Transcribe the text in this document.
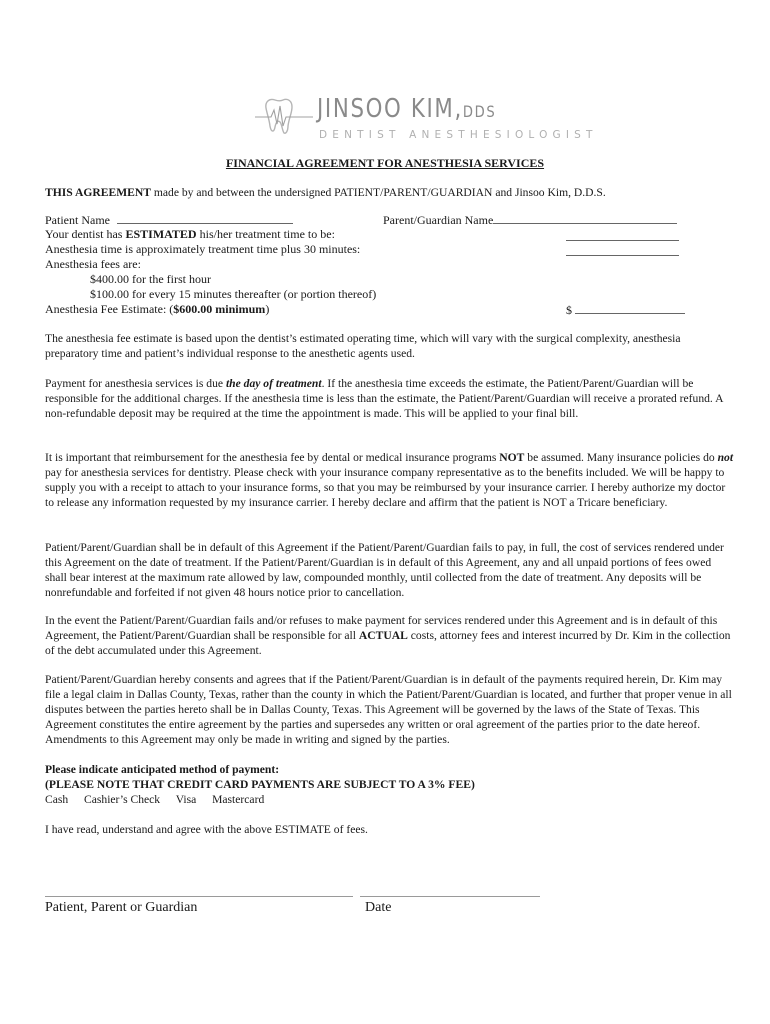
JINSOO KIM,DDS
DENTIST ANESTHESIOLOGIST
FINANCIAL AGREEMENT FOR ANESTHESIA SERVICES
THIS AGREEMENT made by and between the undersigned PATIENT/PARENT/GUARDIAN and Jinsoo Kim, D.D.S.
Patient Name	Parent/Guardian Name
Your dentist has ESTIMATED his/her treatment time to be:
Anesthesia time is approximately treatment time plus 30 minutes:
Anesthesia fees are:
$400.00 for the first hour
$100.00 for every 15 minutes thereafter (or portion thereof)
Anesthesia Fee Estimate: ($600.00 minimum)	$
The anesthesia fee estimate is based upon the dentist’s estimated operating time, which will vary with the surgical complexity, anesthesia preparatory time and patient’s individual response to the anesthetic agents used.
Payment for anesthesia services is due the day of treatment. If the anesthesia time exceeds the estimate, the Patient/Parent/Guardian will be responsible for the additional charges. If the anesthesia time is less than the estimate, the Patient/Parent/Guardian will receive a prorated refund. A non-refundable deposit may be required at the time the appointment is made. This will be applied to your final bill.
It is important that reimbursement for the anesthesia fee by dental or medical insurance programs NOT be assumed. Many insurance policies do not pay for anesthesia services for dentistry. Please check with your insurance company representative as to the benefits included. We will be happy to supply you with a receipt to attach to your insurance forms, so that you may be reimbursed by your insurance carrier. I hereby authorize my doctor to release any information requested by my insurance carrier. I hereby declare and affirm that the patient is NOT a Tricare beneficiary.
Patient/Parent/Guardian shall be in default of this Agreement if the Patient/Parent/Guardian fails to pay, in full, the cost of services rendered under this Agreement on the date of treatment. If the Patient/Parent/Guardian is in default of this Agreement, any and all unpaid portions of fees owed shall bear interest at the maximum rate allowed by law, compounded monthly, until collected from the date of treatment. Any deposits will be nonrefundable and forfeited if not given 48 hours notice prior to cancellation.
In the event the Patient/Parent/Guardian fails and/or refuses to make payment for services rendered under this Agreement and is in default of this Agreement, the Patient/Parent/Guardian shall be responsible for all ACTUAL costs, attorney fees and interest incurred by Dr. Kim in the collection of the debt accumulated under this Agreement.
Patient/Parent/Guardian hereby consents and agrees that if the Patient/Parent/Guardian is in default of the payments required herein, Dr. Kim may file a legal claim in Dallas County, Texas, rather than the county in which the Patient/Parent/Guardian is located, and further that proper venue in all disputes between the parties hereto shall be in Dallas County, Texas. This Agreement will be governed by the laws of the State of Texas. This Agreement constitutes the entire agreement by the parties and supersedes any written or oral agreement of the parties prior to the date hereof. Amendments to this Agreement may only be made in writing and signed by the parties.
Please indicate anticipated method of payment:
(PLEASE NOTE THAT CREDIT CARD PAYMENTS ARE SUBJECT TO A 3% FEE)
Cash Cashier’s Check Visa Mastercard
I have read, understand and agree with the above ESTIMATE of fees.
Patient, Parent or Guardian	Date
